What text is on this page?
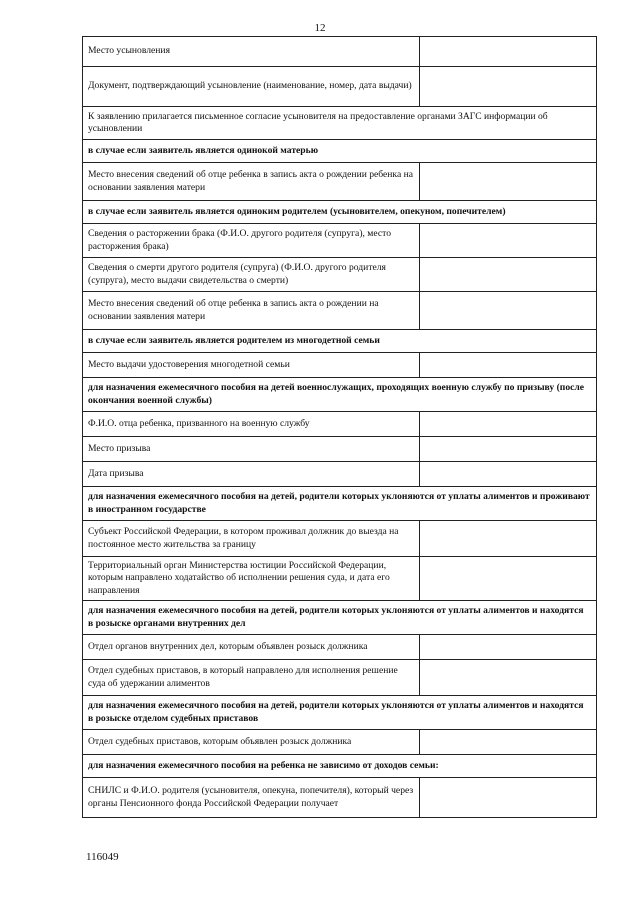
12
Место усыновления	
Документ, подтверждающий усыновление (наименование, номер, дата выдачи)	
К заявлению прилагается письменное согласие усыновителя на предоставление органами ЗАГС информации об усыновлении	
в случае если заявитель является одинокой матерью	
Место внесения сведений об отце ребенка в запись акта о рождении ребенка на основании заявления матери	
в случае если заявитель является одиноким родителем (усыновителем, опекуном, попечителем)	
Сведения о расторжении брака (Ф.И.О. другого родителя (супруга), место расторжения брака)	
Сведения о смерти другого родителя (супруга) (Ф.И.О. другого родителя (супруга), место выдачи свидетельства о смерти)	
Место внесения сведений об отце ребенка в запись акта о рождении на основании заявления матери	
в случае если заявитель является родителем из многодетной семьи	
Место выдачи удостоверения многодетной семьи	
для назначения ежемесячного пособия на детей военнослужащих, проходящих военную службу по призыву (после окончания военной службы)	
Ф.И.О. отца ребенка, призванного на военную службу	
Место призыва	
Дата призыва	
для назначения ежемесячного пособия на детей, родители которых уклоняются от уплаты алиментов и проживают в иностранном государстве	
Субъект Российской Федерации, в котором проживал должник до выезда на постоянное место жительства за границу	
Территориальный орган Министерства юстиции Российской Федерации, которым направлено ходатайство об исполнении решения суда, и дата его направления	
для назначения ежемесячного пособия на детей, родители которых уклоняются от уплаты алиментов и находятся в розыске органами внутренних дел	
Отдел органов внутренних дел, которым объявлен розыск должника	
Отдел судебных приставов, в который направлено для исполнения решение суда об удержании алиментов	
для назначения ежемесячного пособия на детей, родители которых уклоняются от уплаты алиментов и находятся в розыске отделом судебных приставов	
Отдел судебных приставов, которым объявлен розыск должника	
для назначения ежемесячного пособия на ребенка не зависимо от доходов семьи:	
СНИЛС и Ф.И.О. родителя (усыновителя, опекуна, попечителя), который через органы Пенсионного фонда Российской Федерации получает	
116049
